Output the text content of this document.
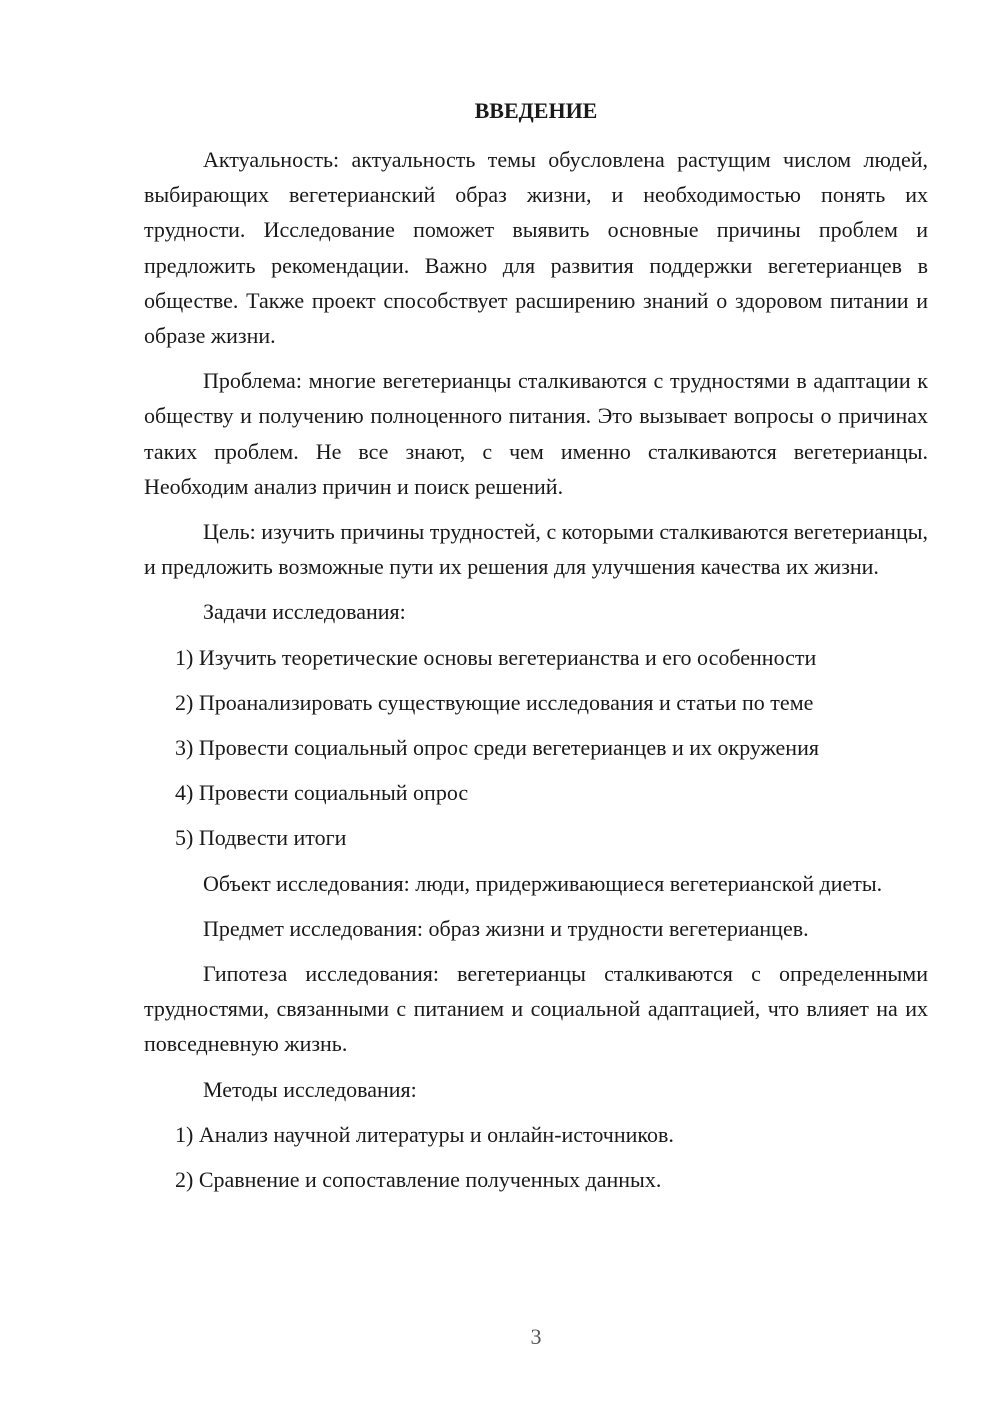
ВВЕДЕНИЕ

Актуальность: актуальность темы обусловлена растущим числом людей, выбирающих вегетерианский образ жизни, и необходимостью понять их трудности. Исследование поможет выявить основные причины проблем и предложить рекомендации. Важно для развития поддержки вегетерианцев в обществе. Также проект способствует расширению знаний о здоровом питании и образе жизни.

Проблема: многие вегетерианцы сталкиваются с трудностями в адаптации к обществу и получению полноценного питания. Это вызывает вопросы о причинах таких проблем. Не все знают, с чем именно сталкиваются вегетерианцы. Необходим анализ причин и поиск решений.

Цель: изучить причины трудностей, с которыми сталкиваются вегетерианцы, и предложить возможные пути их решения для улучшения качества их жизни.

Задачи исследования:

1) Изучить теоретические основы вегетерианства и его особенности

2) Проанализировать существующие исследования и статьи по теме

3) Провести социальный опрос среди вегетерианцев и их окружения

4) Провести социальный опрос

5) Подвести итоги

Объект исследования: люди, придерживающиеся вегетерианской диеты.

Предмет исследования: образ жизни и трудности вегетерианцев.

Гипотеза исследования: вегетерианцы сталкиваются с определенными трудностями, связанными с питанием и социальной адаптацией, что влияет на их повседневную жизнь.

Методы исследования:

1) Анализ научной литературы и онлайн-источников.

2) Сравнение и сопоставление полученных данных.

3
